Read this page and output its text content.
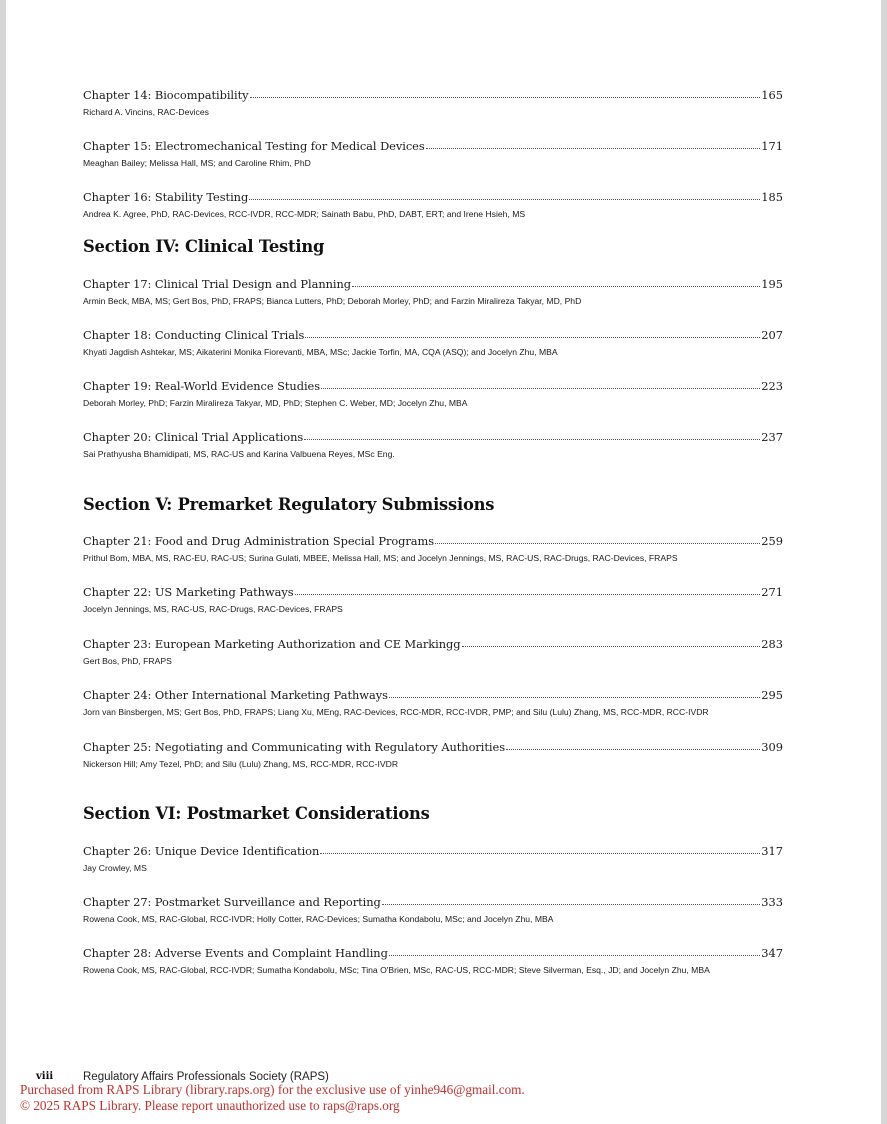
Chapter 14: Biocompatibility	165
Richard A. Vincins, RAC-Devices
Chapter 15: Electromechanical Testing for Medical Devices	171
Meaghan Bailey; Melissa Hall, MS; and Caroline Rhim, PhD
Chapter 16: Stability Testing	185
Andrea K. Agree, PhD, RAC-Devices, RCC-IVDR, RCC-MDR; Sainath Babu, PhD, DABT, ERT; and Irene Hsieh, MS
Section IV: Clinical Testing
Chapter 17: Clinical Trial Design and Planning	195
Armin Beck, MBA, MS; Gert Bos, PhD, FRAPS; Bianca Lutters, PhD; Deborah Morley, PhD; and Farzin Miralireza Takyar, MD, PhD
Chapter 18: Conducting Clinical Trials	207
Khyati Jagdish Ashtekar, MS; Aikaterini Monika Fiorevanti, MBA, MSc; Jackie Torfin, MA, CQA (ASQ); and Jocelyn Zhu, MBA
Chapter 19: Real-World Evidence Studies	223
Deborah Morley, PhD; Farzin Miralireza Takyar, MD, PhD; Stephen C. Weber, MD; Jocelyn Zhu, MBA
Chapter 20: Clinical Trial Applications	237
Sai Prathyusha Bhamidipati, MS, RAC-US and Karina Valbuena Reyes, MSc Eng.
Section V: Premarket Regulatory Submissions
Chapter 21: Food and Drug Administration Special Programs	259
Prithul Bom, MBA, MS, RAC-EU, RAC-US; Surina Gulati, MBEE, Melissa Hall, MS; and Jocelyn Jennings, MS, RAC-US, RAC-Drugs, RAC-Devices, FRAPS
Chapter 22: US Marketing Pathways	271
Jocelyn Jennings, MS, RAC-US, RAC-Drugs, RAC-Devices, FRAPS
Chapter 23: European Marketing Authorization and CE Markingg	283
Gert Bos, PhD, FRAPS
Chapter 24: Other International Marketing Pathways	295
Jorn van Binsbergen, MS; Gert Bos, PhD, FRAPS; Liang Xu, MEng, RAC-Devices, RCC-MDR, RCC-IVDR, PMP; and Silu (Lulu) Zhang, MS, RCC-MDR, RCC-IVDR
Chapter 25: Negotiating and Communicating with Regulatory Authorities	309
Nickerson Hill; Amy Tezel, PhD; and Silu (Lulu) Zhang, MS, RCC-MDR, RCC-IVDR
Section VI: Postmarket Considerations
Chapter 26: Unique Device Identification	317
Jay Crowley, MS
Chapter 27: Postmarket Surveillance and Reporting	333
Rowena Cook, MS, RAC-Global, RCC-IVDR; Holly Cotter, RAC-Devices; Sumatha Kondabolu, MSc; and Jocelyn Zhu, MBA
Chapter 28: Adverse Events and Complaint Handling	347
Rowena Cook, MS, RAC-Global, RCC-IVDR; Sumatha Kondabolu, MSc; Tina O'Brien, MSc, RAC-US, RCC-MDR; Steve Silverman, Esq., JD; and Jocelyn Zhu, MBA
viii	Regulatory Affairs Professionals Society (RAPS)
Purchased from RAPS Library (library.raps.org) for the exclusive use of yinhe946@gmail.com.
© 2025 RAPS Library. Please report unauthorized use to raps@raps.org
